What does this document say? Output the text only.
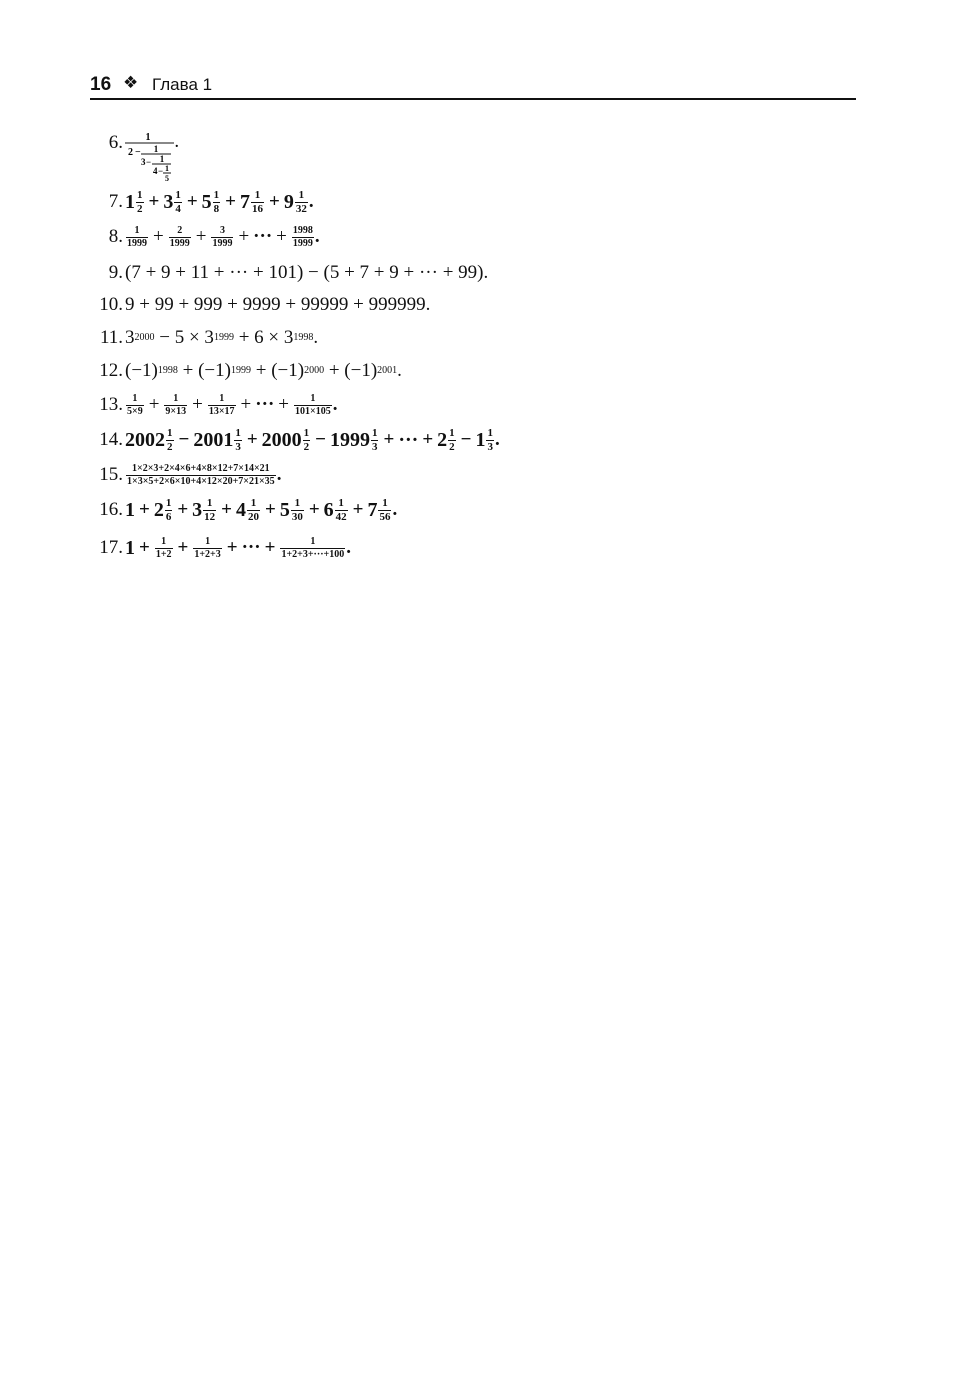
16 ❖ Глава 1
6. 1
2 − 1
3 − 1
4 − 1
5
.
7. $1 \frac{1}{2} + 3 \frac{1}{4} + 5 \frac{1}{8} + 7 \frac{1}{16} + 9 \frac{1}{32}$ .
8. $\frac{1}{1999} + \frac{2}{1999} + \frac{3}{1999}$ + ··· + $\frac{1998}{1999}$ .
9. (7 + 9 + 11 + ··· + 101) − (5 + 7 + 9 + ··· + 99).
10. 9 + 99 + 999 + 9999 + 99999 + 999999.
11. 3 2000 − 5 × 3 1999 + 6 × 3 1998 .
12. (−1) 1998 + (−1) 1999 + (−1) 2000 + (−1) 2001 .
13. $\frac{1}{5\times 9} + \frac{1}{9\times 13} + \frac{1}{13\times 17}$ + ··· + $\frac{1}{101\times 105}$ .
14. $2002 \frac{1}{2} - 2001 \frac{1}{3} + 2000 \frac{1}{2} - 1999 \frac{1}{3}$ + ··· + $2 \frac{1}{2} - 1 \frac{1}{3}$ .
15. $\frac{1\times 2\times 3+2\times 4\times 6+4\times 8\times 12+7\times 14\times 21}{1\times 3\times 5+2\times 6\times 10+4\times 12\times 20+7\times 21\times 35}$ .
16. $1 + 2 \frac{1}{6} + 3 \frac{1}{12} + 4 \frac{1}{20} + 5 \frac{1}{30} + 6 \frac{1}{42} + 7 \frac{1}{56}$ .
17. $1 + \frac{1}{1+2} + \frac{1}{1+2+3}$ + ··· + $\frac{1}{1+2+3+\cdot\cdot\cdot+100}$ .
